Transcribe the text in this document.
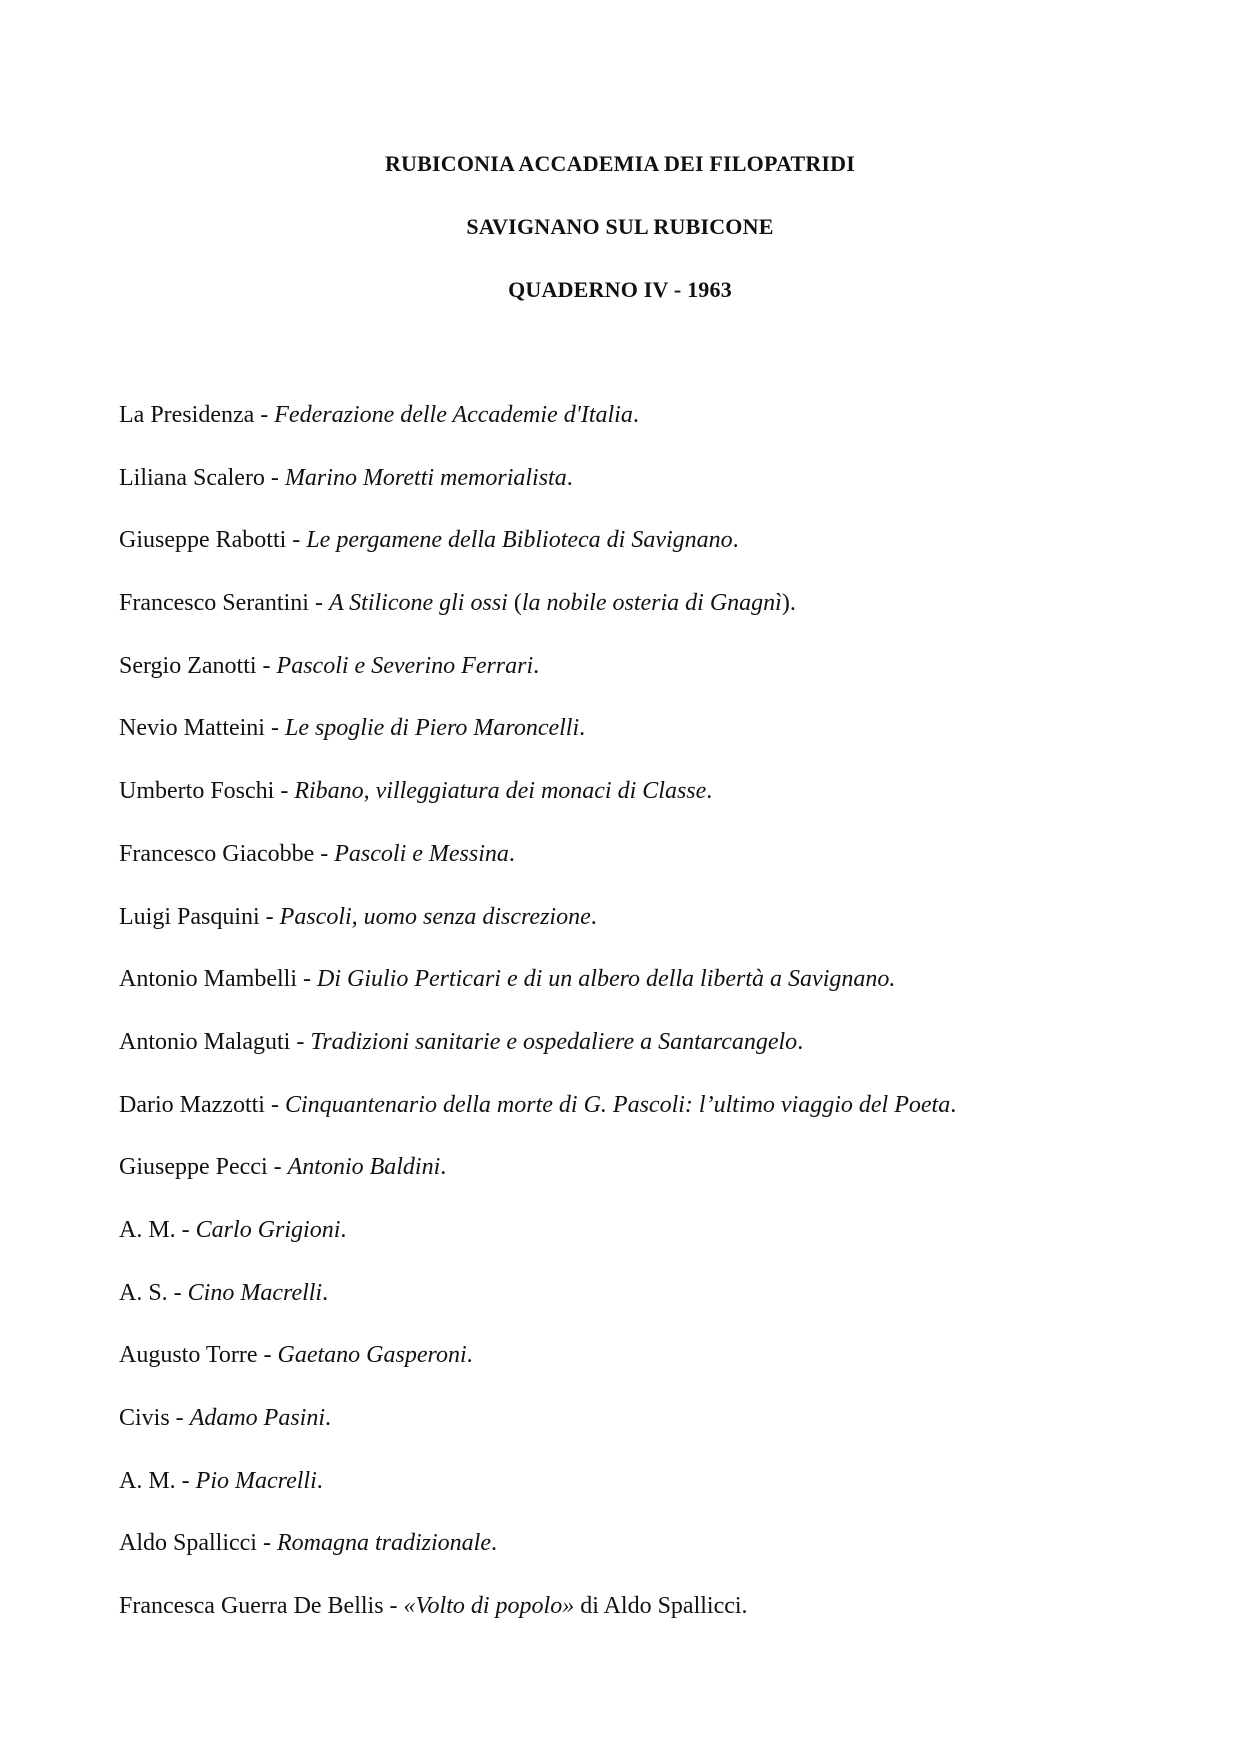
RUBICONIA ACCADEMIA DEI FILOPATRIDI
SAVIGNANO SUL RUBICONE
QUADERNO IV - 1963
La Presidenza - Federazione delle Accademie d'Italia.
Liliana Scalero - Marino Moretti memorialista.
Giuseppe Rabotti - Le pergamene della Biblioteca di Savignano.
Francesco Serantini - A Stilicone gli ossi (la nobile osteria di Gnagnì).
Sergio Zanotti - Pascoli e Severino Ferrari.
Nevio Matteini - Le spoglie di Piero Maroncelli.
Umberto Foschi - Ribano, villeggiatura dei monaci di Classe.
Francesco Giacobbe - Pascoli e Messina.
Luigi Pasquini - Pascoli, uomo senza discrezione.
Antonio Mambelli - Di Giulio Perticari e di un albero della libertà a Savignano.
Antonio Malaguti - Tradizioni sanitarie e ospedaliere a Santarcangelo.
Dario Mazzotti - Cinquantenario della morte di G. Pascoli: l’ultimo viaggio del Poeta.
Giuseppe Pecci - Antonio Baldini.
A. M. - Carlo Grigioni.
A. S. - Cino Macrelli.
Augusto Torre - Gaetano Gasperoni.
Civis - Adamo Pasini.
A. M. - Pio Macrelli.
Aldo Spallicci - Romagna tradizionale.
Francesca Guerra De Bellis - «Volto di popolo» di Aldo Spallicci.
